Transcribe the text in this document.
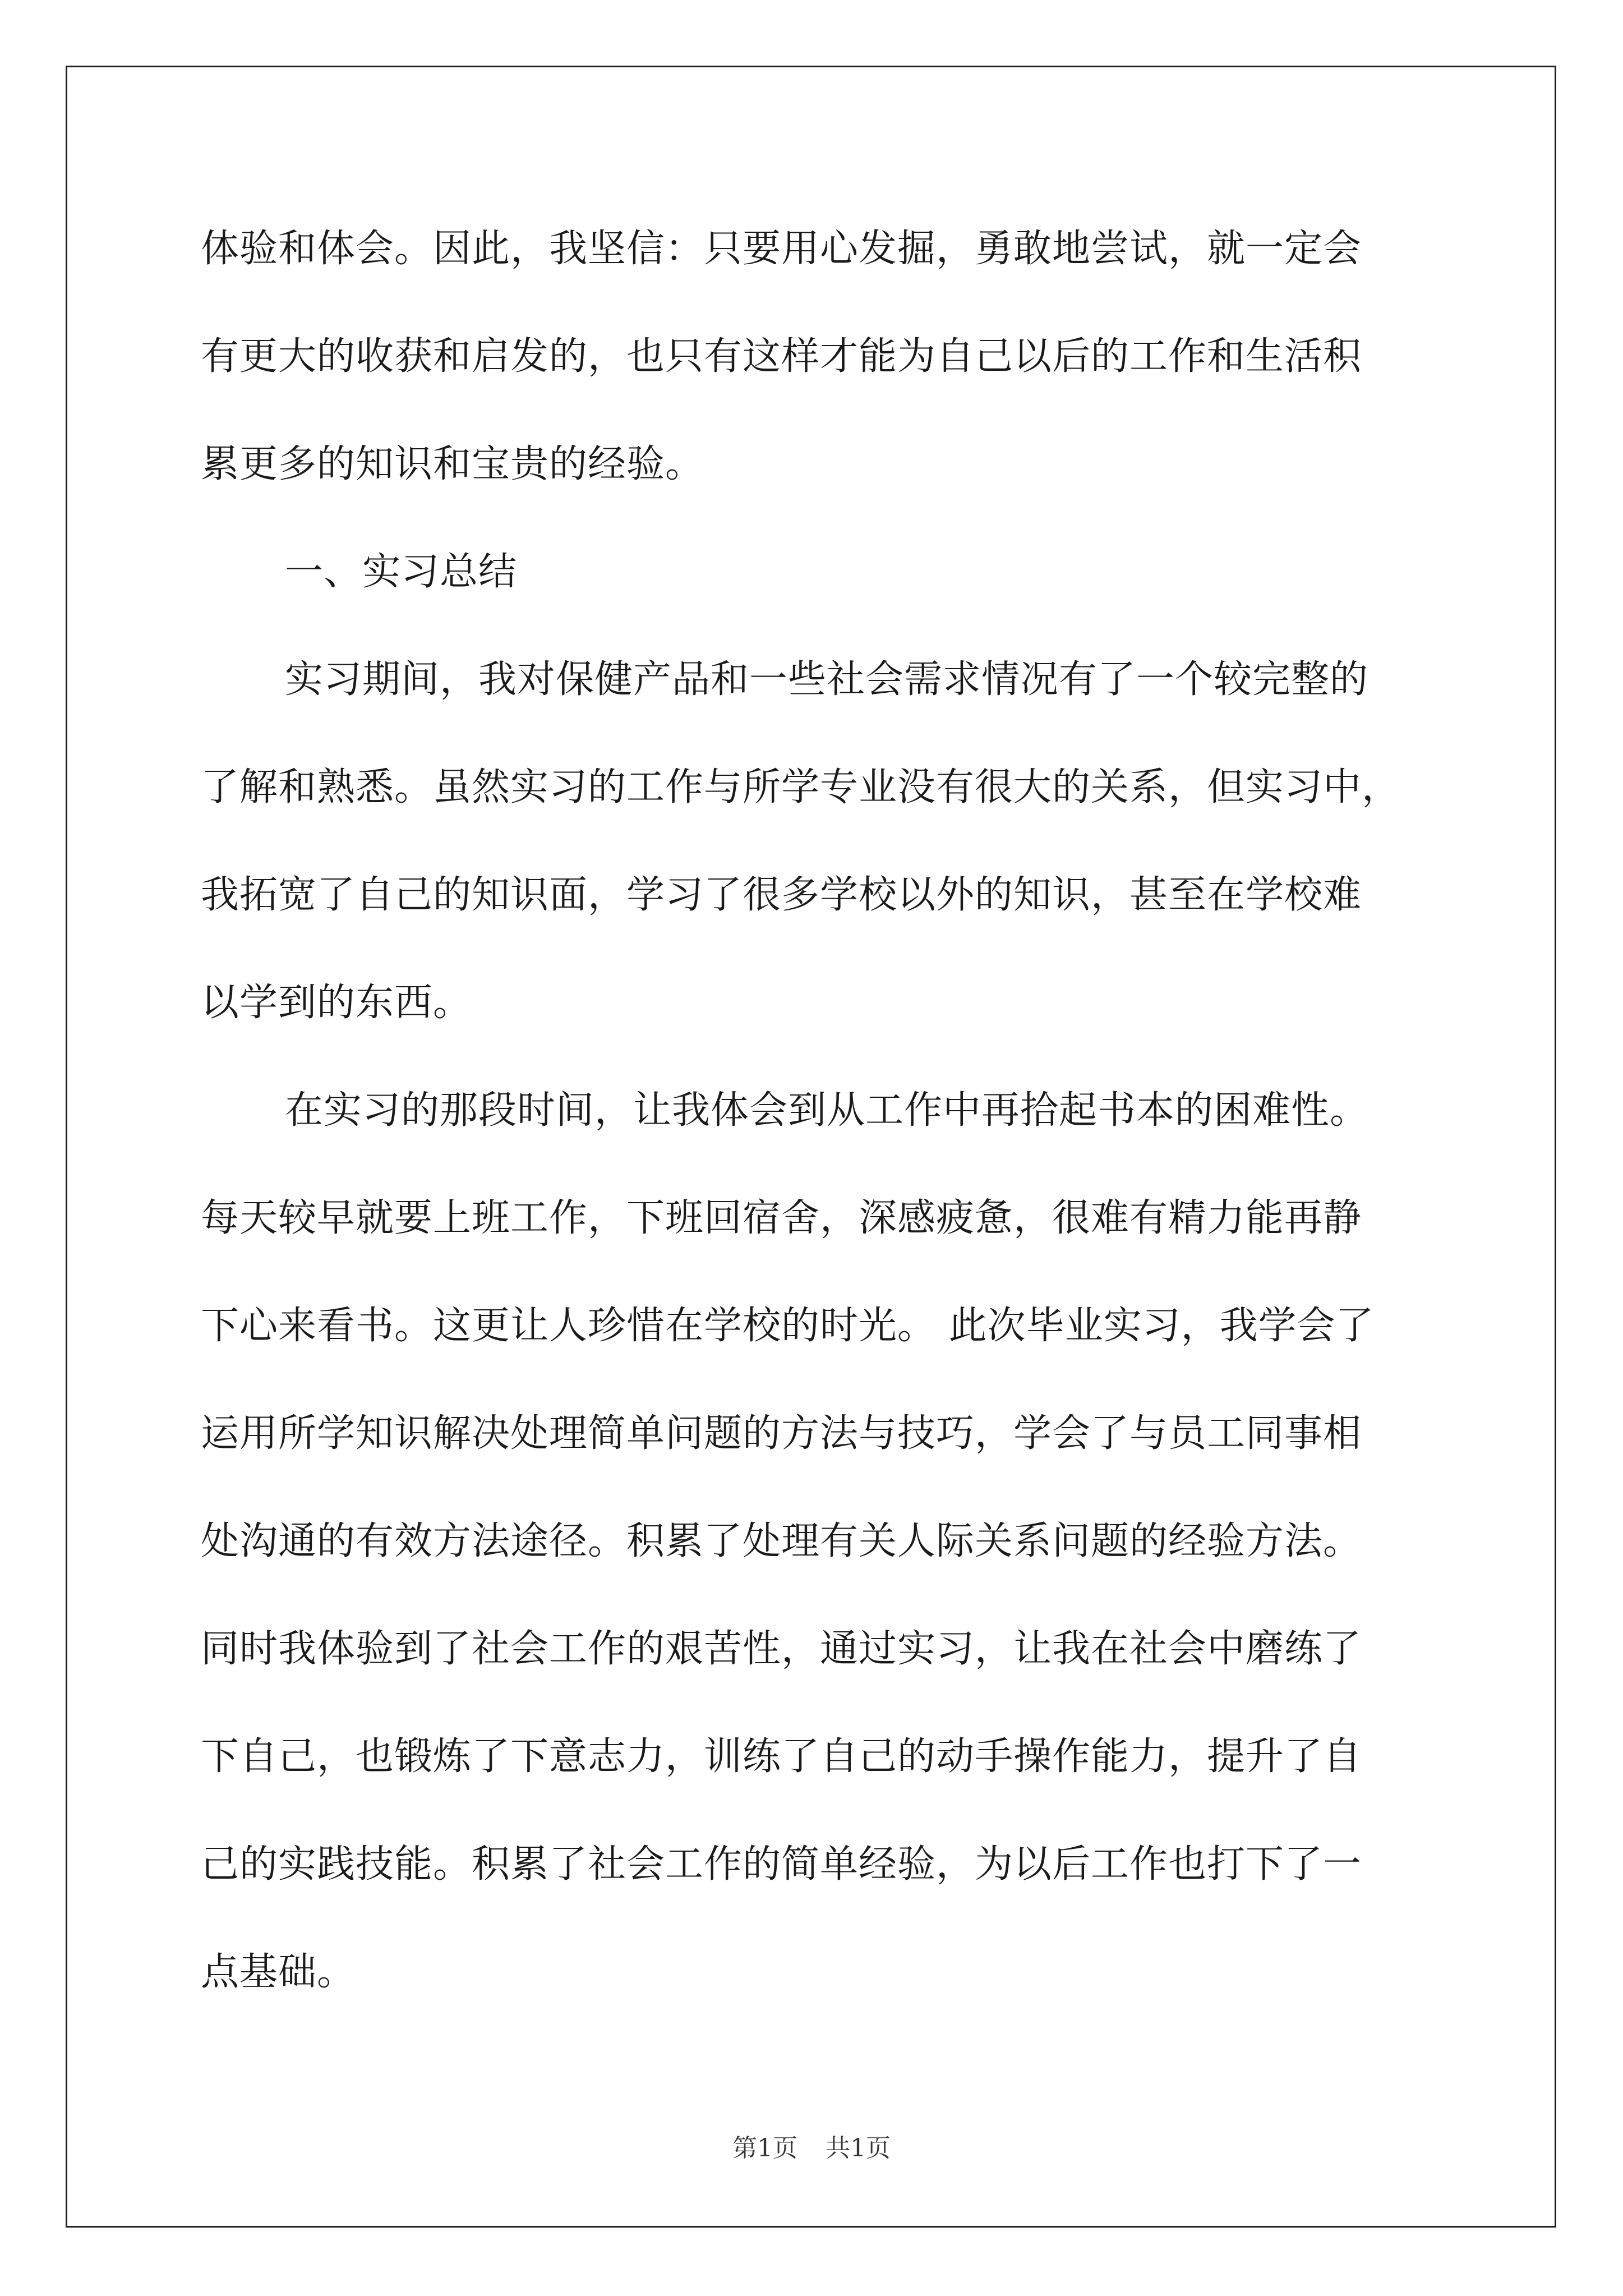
体验和体会。因此，我坚信：只要用心发掘，勇敢地尝试，就一定会
有更大的收获和启发的，也只有这样才能为自己以后的工作和生活积
累更多的知识和宝贵的经验。
一、实习总结
实习期间，我对保健产品和一些社会需求情况有了一个较完整的
了解和熟悉。虽然实习的工作与所学专业没有很大的关系，但实习中，
我拓宽了自己的知识面，学习了很多学校以外的知识，甚至在学校难
以学到的东西。
在实习的那段时间，让我体会到从工作中再拾起书本的困难性。
每天较早就要上班工作，下班回宿舍，深感疲惫，很难有精力能再静
下心来看书。这更让人珍惜在学校的时光。 此次毕业实习，我学会了
运用所学知识解决处理简单问题的方法与技巧，学会了与员工同事相
处沟通的有效方法途径。积累了处理有关人际关系问题的经验方法。
同时我体验到了社会工作的艰苦性，通过实习，让我在社会中磨练了
下自己，也锻炼了下意志力，训练了自己的动手操作能力，提升了自
己的实践技能。积累了社会工作的简单经验，为以后工作也打下了一
点基础。
第1页 共1页
